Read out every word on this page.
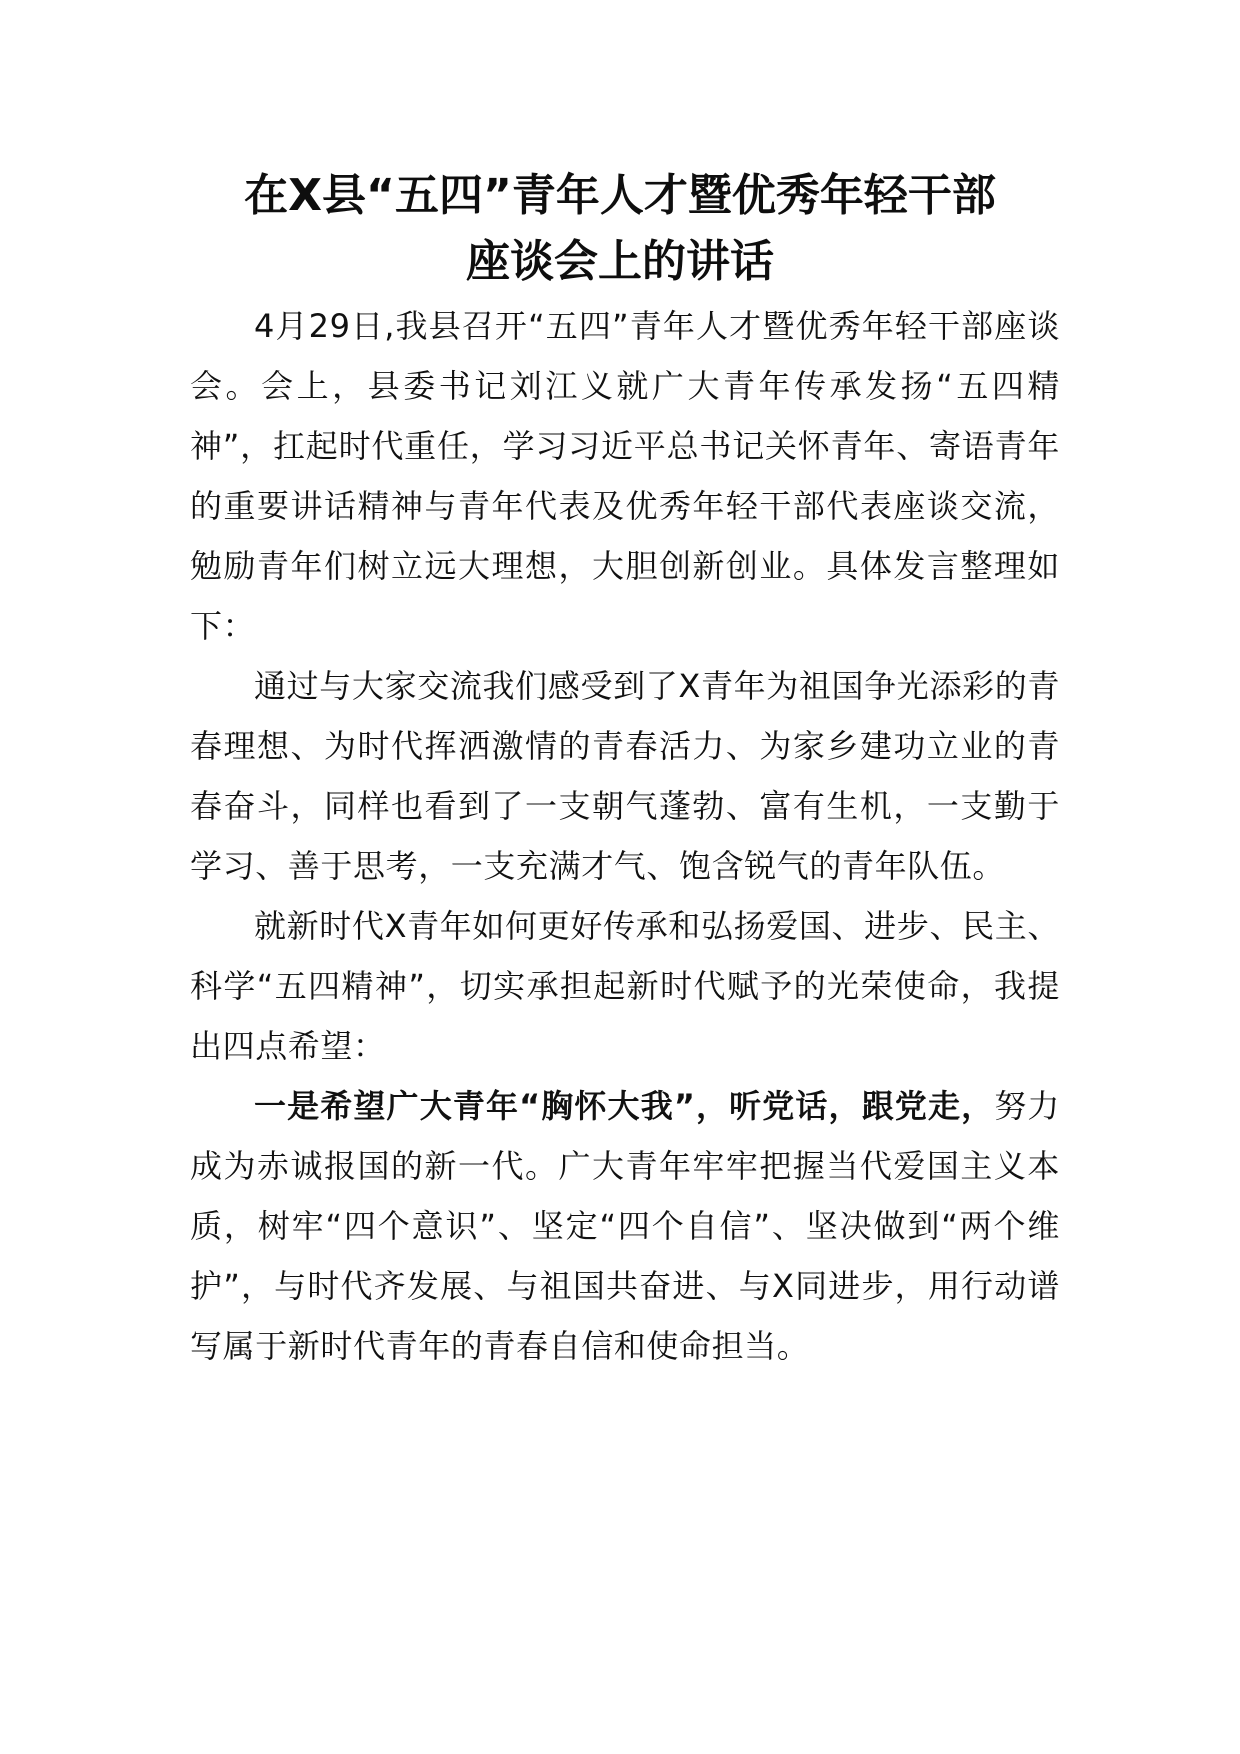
在X县“五四”青年人才暨优秀年轻干部
座谈会上的讲话

4月29日,我县召开“五四”青年人才暨优秀年轻干部座谈会。会上，县委书记刘江义就广大青年传承发扬“五四精神”，扛起时代重任，学习习近平总书记关怀青年、寄语青年的重要讲话精神与青年代表及优秀年轻干部代表座谈交流，勉励青年们树立远大理想，大胆创新创业。具体发言整理如下：

通过与大家交流我们感受到了X青年为祖国争光添彩的青春理想、为时代挥洒激情的青春活力、为家乡建功立业的青春奋斗，同样也看到了一支朝气蓬勃、富有生机，一支勤于学习、善于思考，一支充满才气、饱含锐气的青年队伍。

就新时代X青年如何更好传承和弘扬爱国、进步、民主、科学“五四精神”，切实承担起新时代赋予的光荣使命，我提出四点希望：

一是希望广大青年“胸怀大我”，听党话，跟党走，努力成为赤诚报国的新一代。广大青年牢牢把握当代爱国主义本质，树牢“四个意识”、坚定“四个自信”、坚决做到“两个维护”，与时代齐发展、与祖国共奋进、与X同进步，用行动谱写属于新时代青年的青春自信和使命担当。
